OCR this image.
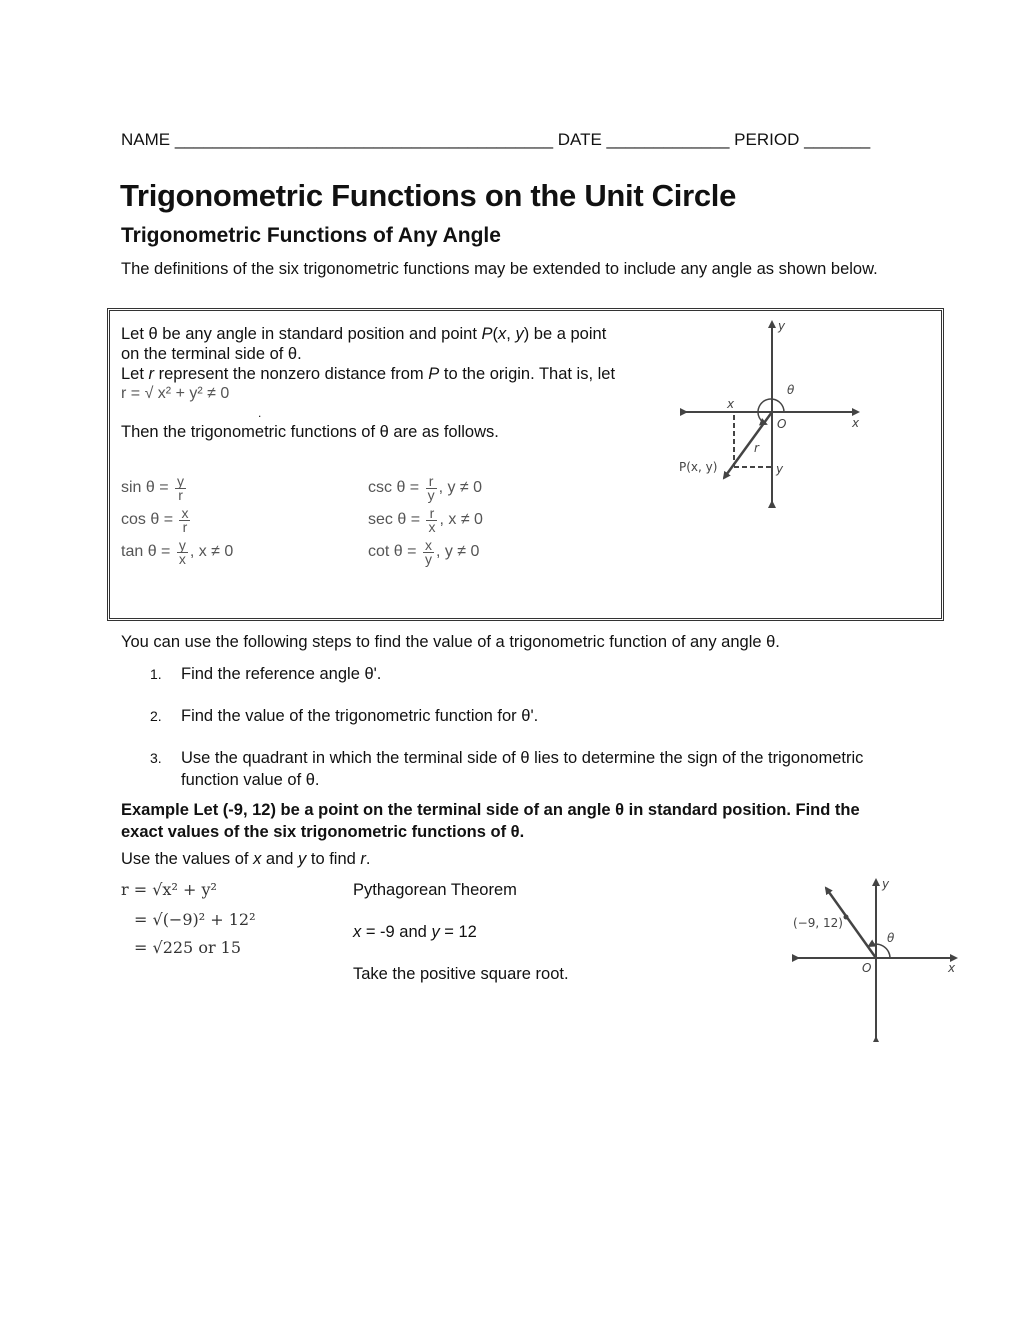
NAME ________________________________________ DATE _____________ PERIOD _______
Trigonometric Functions on the Unit Circle
Trigonometric Functions of Any Angle
The definitions of the six trigonometric functions may be extended to include any angle as shown below.
Let θ be any angle in standard position and point P(x, y) be a point
on the terminal side of θ.
Let r represent the nonzero distance from P to the origin. That is, let
r = √ x² + y² ≠ 0
.
Then the trigonometric functions of θ are as follows.
sin θ =
$\frac{y}{r}$
cos θ =
$\frac{x}{r}$
tan θ =
$\frac{y}{x}$ , x ≠ 0
csc θ =
$\frac{r}{y}$ , y ≠ 0
sec θ =
$\frac{r}{x}$ , x ≠ 0
cot θ =
$\frac{x}{y}$ , y ≠ 0
y
x
θ
O
x
r
y
P(x, y)
You can use the following steps to find the value of a trigonometric function of any angle θ.
1. Find the reference angle θ'.
2. Find the value of the trigonometric function for θ'.
3. Use the quadrant in which the terminal side of θ lies to determine the sign of the trigonometric function value of θ.
Example Let (-9, 12) be a point on the terminal side of an angle θ in standard position. Find the exact values of the six trigonometric functions of θ.
Use the values of x and y to find r.
r = √x² + y²
= √(−9)² + 12²
= √225 or 15
Pythagorean Theorem
x = -9 and y = 12
Take the positive square root.
y
x
θ
O
(−9, 12)
